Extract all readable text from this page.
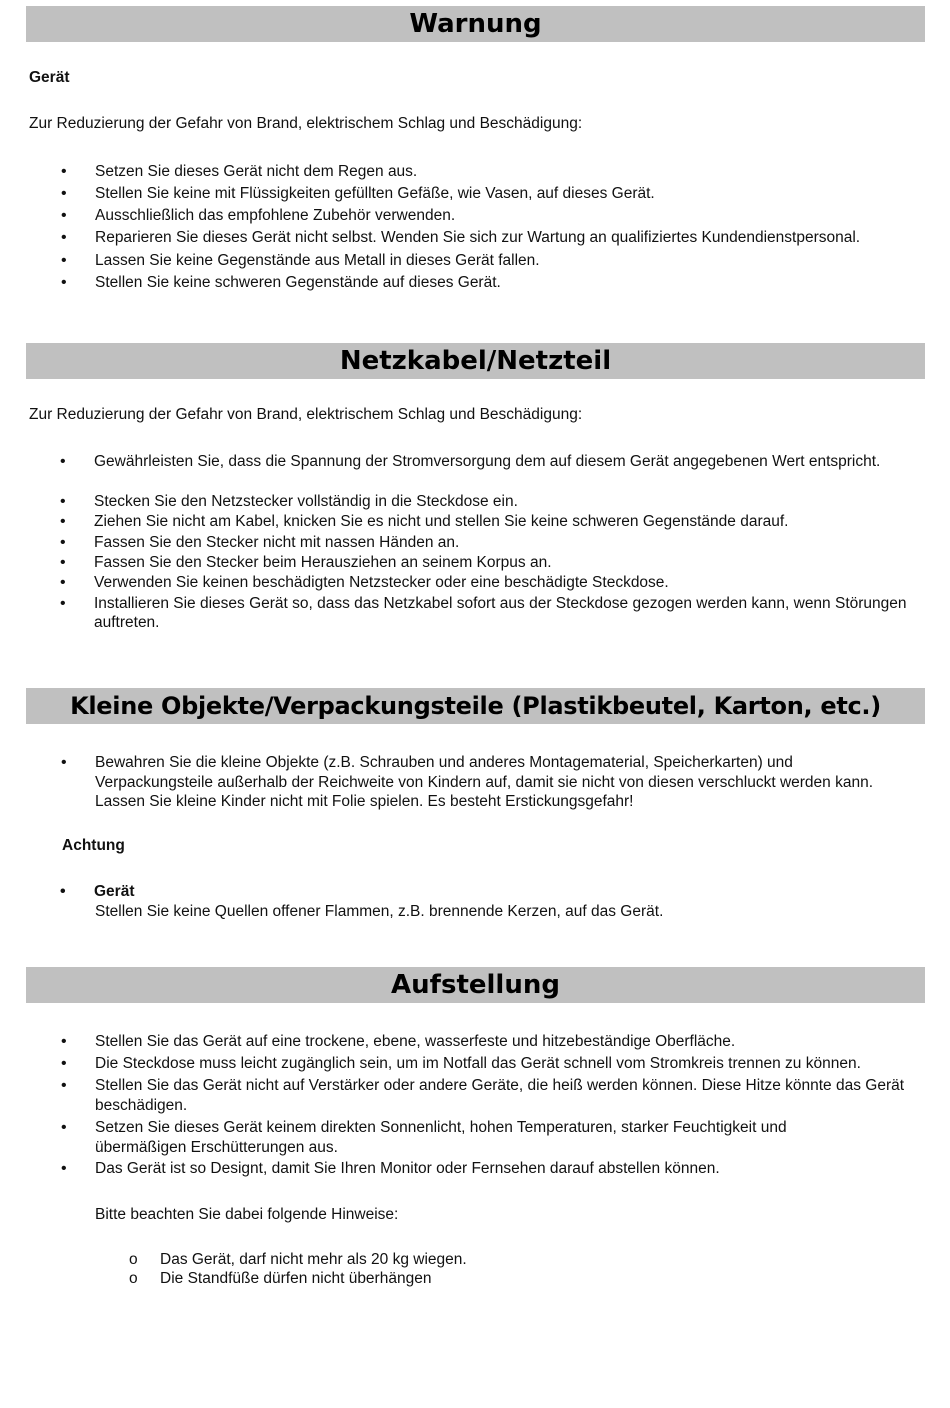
Warnung
Gerät
Zur Reduzierung der Gefahr von Brand, elektrischem Schlag und Beschädigung:
• Setzen Sie dieses Gerät nicht dem Regen aus.
• Stellen Sie keine mit Flüssigkeiten gefüllten Gefäße, wie Vasen, auf dieses Gerät.
• Ausschließlich das empfohlene Zubehör verwenden.
• Reparieren Sie dieses Gerät nicht selbst. Wenden Sie sich zur Wartung an qualifiziertes Kundendienstpersonal.
• Lassen Sie keine Gegenstände aus Metall in dieses Gerät fallen.
• Stellen Sie keine schweren Gegenstände auf dieses Gerät.
Netzkabel/Netzteil
Zur Reduzierung der Gefahr von Brand, elektrischem Schlag und Beschädigung:
• Gewährleisten Sie, dass die Spannung der Stromversorgung dem auf diesem Gerät angegebenen Wert entspricht.
• Stecken Sie den Netzstecker vollständig in die Steckdose ein.
• Ziehen Sie nicht am Kabel, knicken Sie es nicht und stellen Sie keine schweren Gegenstände darauf.
• Fassen Sie den Stecker nicht mit nassen Händen an.
• Fassen Sie den Stecker beim Herausziehen an seinem Korpus an.
• Verwenden Sie keinen beschädigten Netzstecker oder eine beschädigte Steckdose.
• Installieren Sie dieses Gerät so, dass das Netzkabel sofort aus der Steckdose gezogen werden kann, wenn Störungen auftreten.
Kleine Objekte/Verpackungsteile (Plastikbeutel, Karton, etc.)
• Bewahren Sie die kleine Objekte (z.B. Schrauben und anderes Montagematerial, Speicherkarten) und Verpackungsteile außerhalb der Reichweite von Kindern auf, damit sie nicht von diesen verschluckt werden kann. Lassen Sie kleine Kinder nicht mit Folie spielen. Es besteht Erstickungsgefahr!
Achtung
• Gerät
Stellen Sie keine Quellen offener Flammen, z.B. brennende Kerzen, auf das Gerät.
Aufstellung
• Stellen Sie das Gerät auf eine trockene, ebene, wasserfeste und hitzebeständige Oberfläche.
• Die Steckdose muss leicht zugänglich sein, um im Notfall das Gerät schnell vom Stromkreis trennen zu können.
• Stellen Sie das Gerät nicht auf Verstärker oder andere Geräte, die heiß werden können. Diese Hitze könnte das Gerät beschädigen.
• Setzen Sie dieses Gerät keinem direkten Sonnenlicht, hohen Temperaturen, starker Feuchtigkeit und übermäßigen Erschütterungen aus.
• Das Gerät ist so Designt, damit Sie Ihren Monitor oder Fernsehen darauf abstellen können.
Bitte beachten Sie dabei folgende Hinweise:
o Das Gerät, darf nicht mehr als 20 kg wiegen.
o Die Standfüße dürfen nicht überhängen
